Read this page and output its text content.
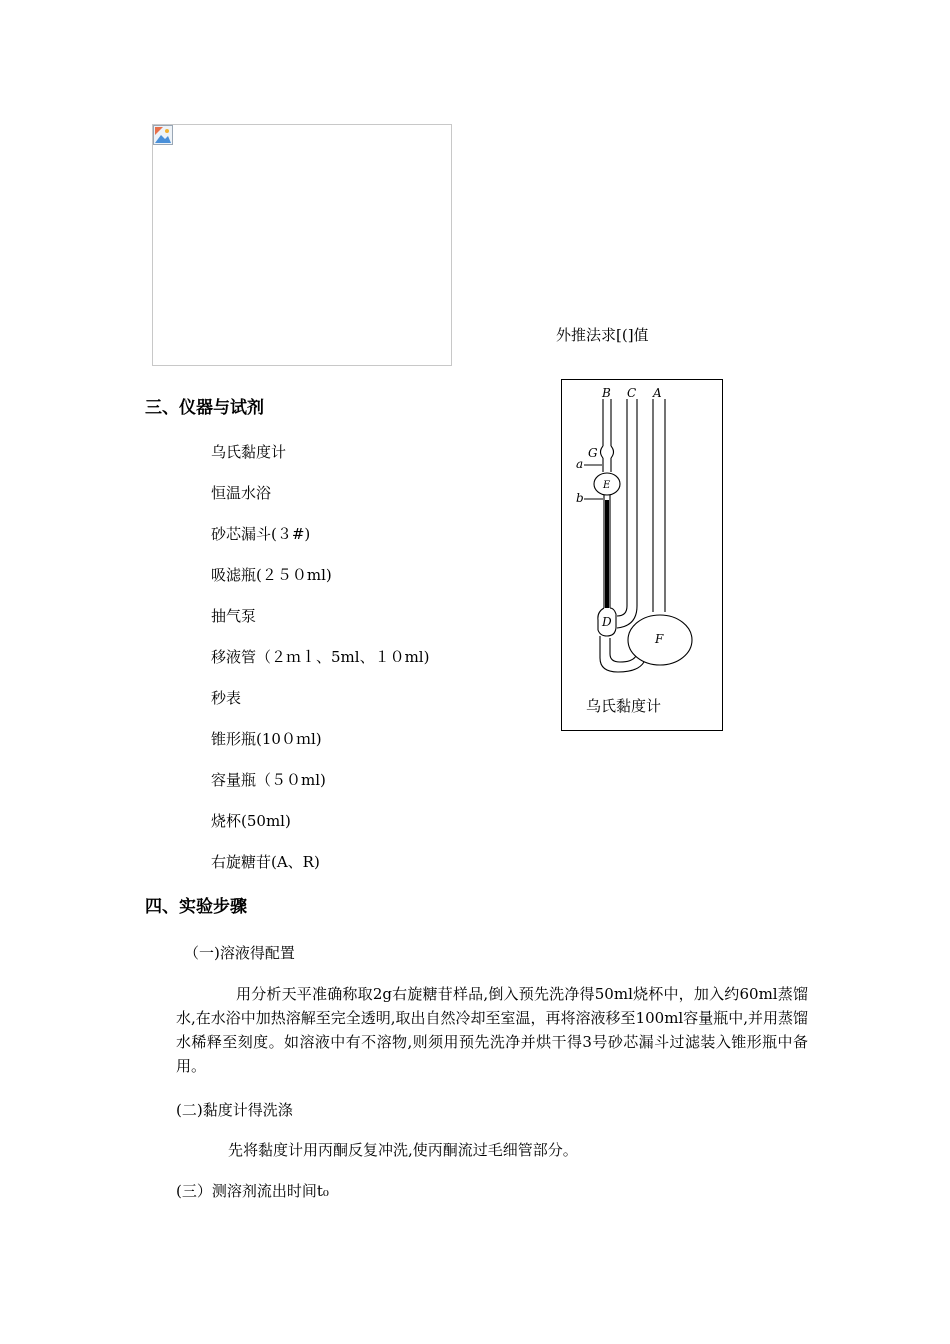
外推法求[(]值
三、仪器与试剂
乌氏黏度计
恒温水浴
砂芯漏斗(３#)
吸滤瓶(２５０ml)
抽气泵
移液管（２ｍｌ、5ml、１０ml)
秒表
锥形瓶(10０ｍl)
容量瓶（５０ml)
烧杯(50ml)
右旋糖苷(A、R)
B C A
G
a
E
b
D
F
乌氏黏度计
四、实验步骤
（一)溶液得配置

用分析天平准确称取2g右旋糖苷样品,倒入预先洗净得50ml烧杯中，加入约60ml蒸馏水,在水浴中加热溶解至完全透明,取出自然冷却至室温，再将溶液移至100ml容量瓶中,并用蒸馏水稀释至刻度。如溶液中有不溶物,则须用预先洗净并烘干得3号砂芯漏斗过滤装入锥形瓶中备用。

(二)黏度计得洗涤
先将黏度计用丙酮反复冲洗,使丙酮流过毛细管部分。
(三）测溶剂流出时间t₀
